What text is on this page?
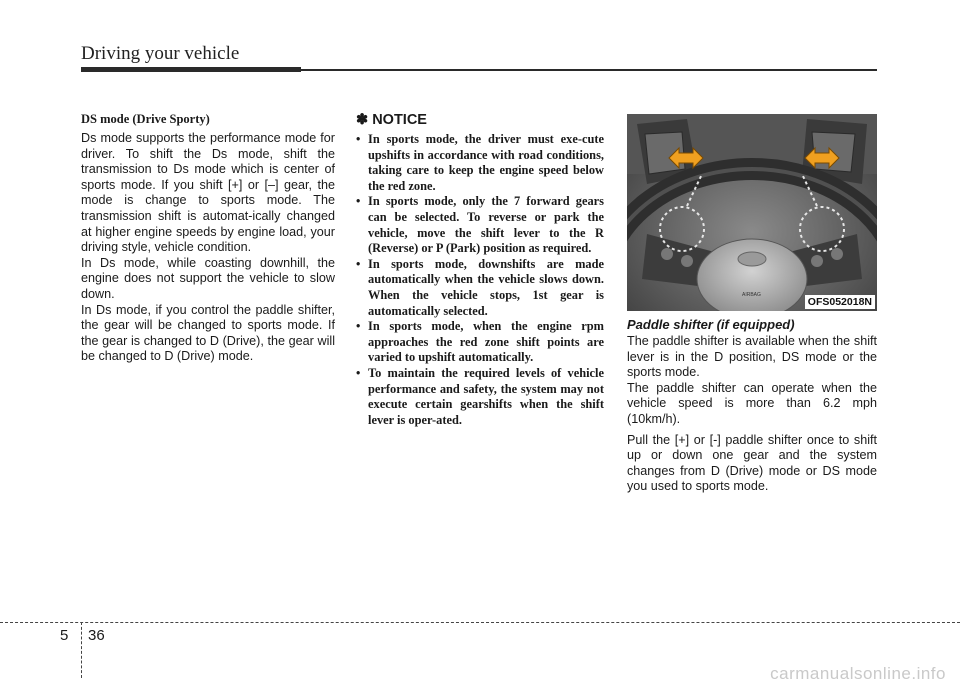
Driving your vehicle

DS mode (Drive Sporty)

Ds mode supports the performance mode for driver. To shift the Ds mode, shift the transmission to Ds mode which is center of sports mode. If you shift [+] or [–] gear, the mode is change to sports mode. The transmission shift is automat-ically changed at higher engine speeds by engine load, your driving style, vehicle condition.

In Ds mode, while coasting downhill, the engine does not support the vehicle to slow down.

In Ds mode, if you control the paddle shifter, the gear will be changed to sports mode. If the gear is changed to D (Drive), the gear will be changed to D (Drive) mode.

✽ NOTICE

• In sports mode, the driver must exe-cute upshifts in accordance with road conditions, taking care to keep the engine speed below the red zone.
• In sports mode, only the 7 forward gears can be selected. To reverse or park the vehicle, move the shift lever to the R (Reverse) or P (Park) position as required.
• In sports mode, downshifts are made automatically when the vehicle slows down. When the vehicle stops, 1st gear is automatically selected.
• In sports mode, when the engine rpm approaches the red zone shift points are varied to upshift automatically.
• To maintain the required levels of vehicle performance and safety, the system may not execute certain gearshifts when the shift lever is oper-ated.
AIRBAG
OFS052018N

Paddle shifter (if equipped)

The paddle shifter is available when the shift lever is in the D position, DS mode or the sports mode.

The paddle shifter can operate when the vehicle speed is more than 6.2 mph (10km/h).

Pull the [+] or [-] paddle shifter once to shift up or down one gear and the system changes from D (Drive) mode or DS mode you used to sports mode.

5 36
carmanualsonline.info
